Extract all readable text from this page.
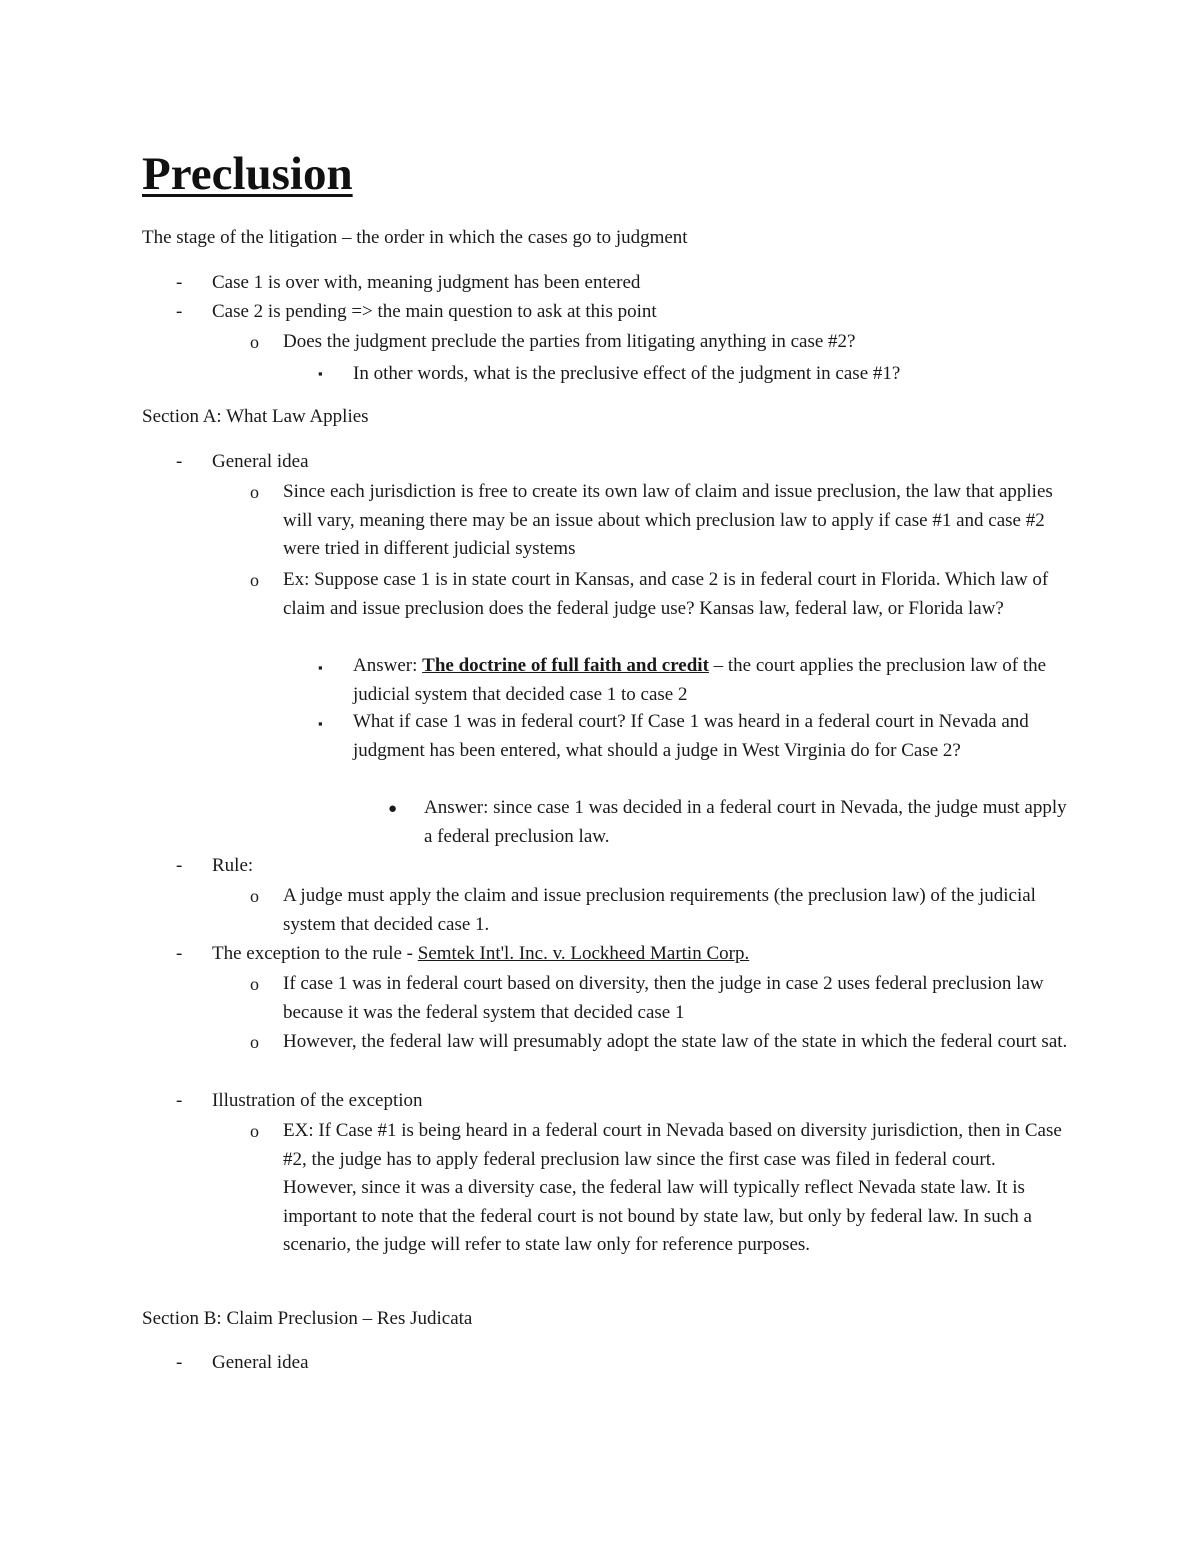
Preclusion

The stage of the litigation – the order in which the cases go to judgment

- Case 1 is over with, meaning judgment has been entered

- Case 2 is pending => the main question to ask at this point

o Does the judgment preclude the parties from litigating anything in case #2?

▪ In other words, what is the preclusive effect of the judgment in case #1?

Section A: What Law Applies

- General idea

o Since each jurisdiction is free to create its own law of claim and issue preclusion, the law that applies will vary, meaning there may be an issue about which preclusion law to apply if case #1 and case #2 were tried in different judicial systems

o Ex: Suppose case 1 is in state court in Kansas, and case 2 is in federal court in Florida. Which law of claim and issue preclusion does the federal judge use? Kansas law, federal law, or Florida law?

▪ Answer: The doctrine of full faith and credit – the court applies the preclusion law of the judicial system that decided case 1 to case 2

▪ What if case 1 was in federal court? If Case 1 was heard in a federal court in Nevada and judgment has been entered, what should a judge in West Virginia do for Case 2?

● Answer: since case 1 was decided in a federal court in Nevada, the judge must apply a federal preclusion law.

- Rule:

o A judge must apply the claim and issue preclusion requirements (the preclusion law) of the judicial system that decided case 1.

- The exception to the rule - Semtek Int'l. Inc. v. Lockheed Martin Corp.

o If case 1 was in federal court based on diversity, then the judge in case 2 uses federal preclusion law because it was the federal system that decided case 1

o However, the federal law will presumably adopt the state law of the state in which the federal court sat.

- Illustration of the exception

o EX: If Case #1 is being heard in a federal court in Nevada based on diversity jurisdiction, then in Case #2, the judge has to apply federal preclusion law since the first case was filed in federal court. However, since it was a diversity case, the federal law will typically reflect Nevada state law. It is important to note that the federal court is not bound by state law, but only by federal law. In such a scenario, the judge will refer to state law only for reference purposes.

Section B: Claim Preclusion – Res Judicata

- General idea
